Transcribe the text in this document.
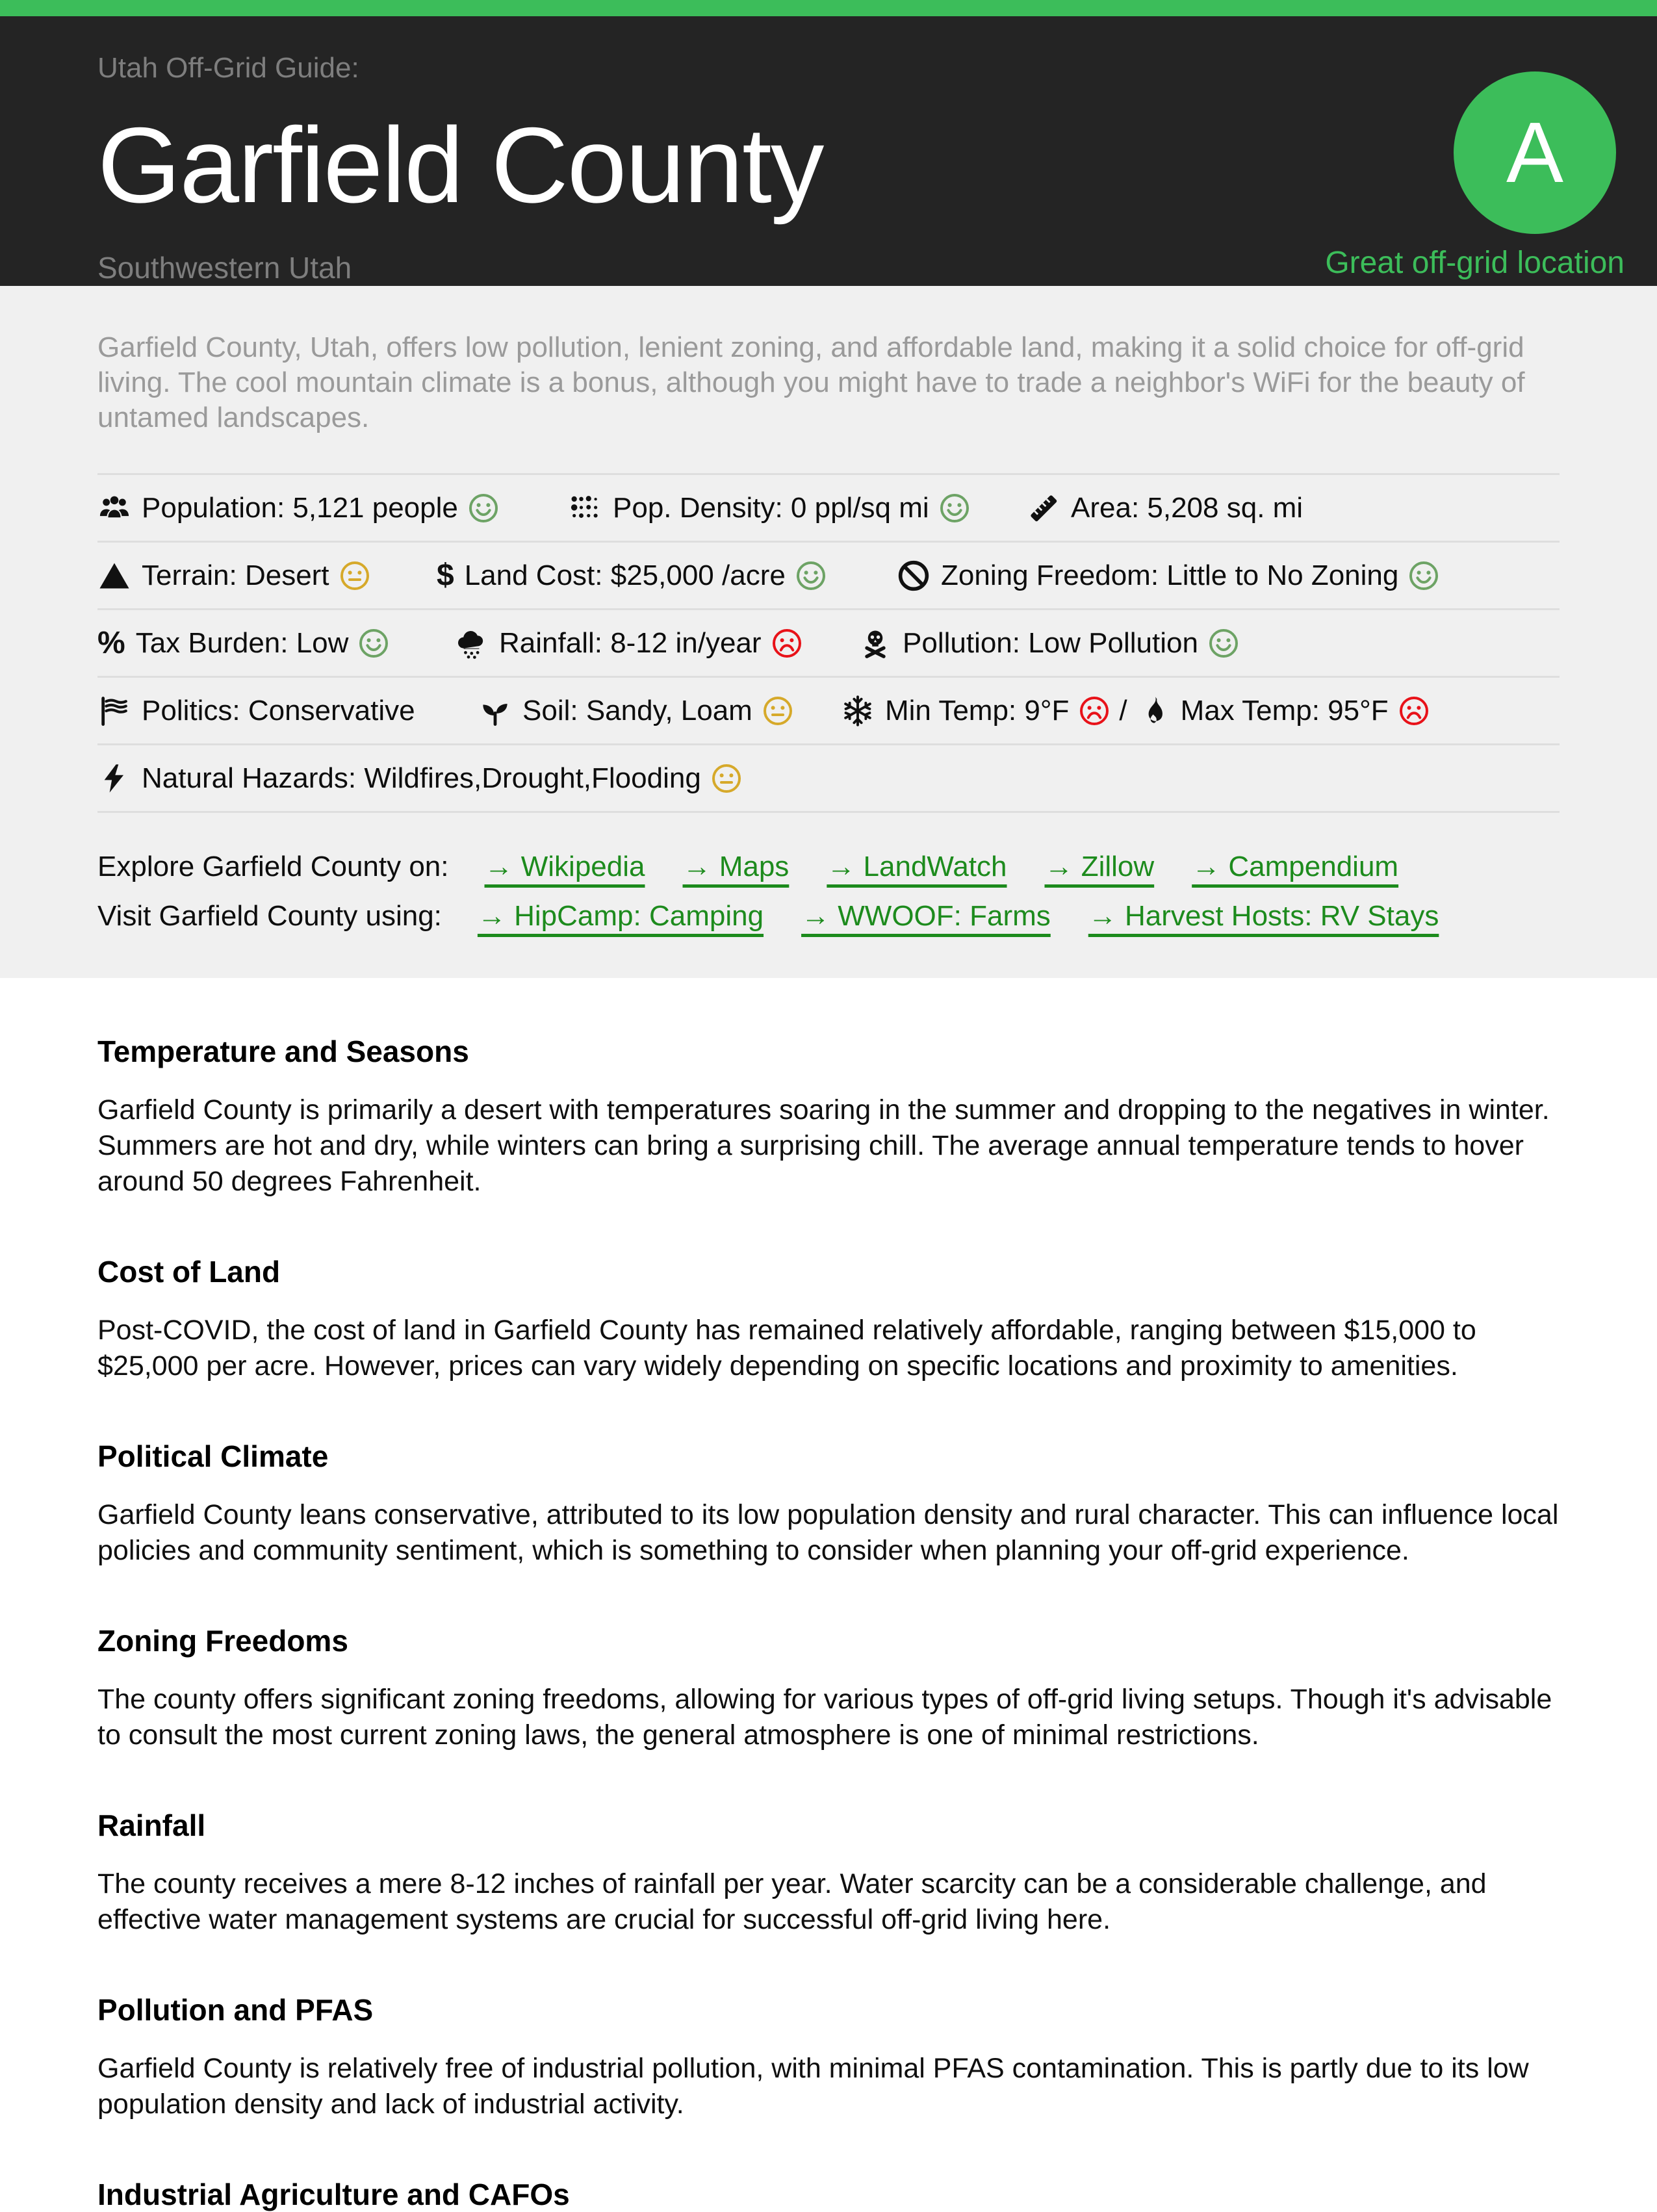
Utah Off-Grid Guide:
Garfield County
Southwestern Utah
A
Great off-grid location

Garfield County, Utah, offers low pollution, lenient zoning, and affordable land, making it a solid choice for off-grid living. The cool mountain climate is a bonus, although you might have to trade a neighbor's WiFi for the beauty of untamed landscapes.

Population: 5,121 people	Pop. Density: 0 ppl/sq mi	Area: 5,208 sq. mi
Terrain: Desert	$ Land Cost: $25,000 /acre	Zoning Freedom: Little to No Zoning
% Tax Burden: Low	Rainfall: 8-12 in/year	Pollution: Low Pollution
Politics: Conservative	Soil: Sandy, Loam	Min Temp: 9°F / Max Temp: 95°F
Natural Hazards: Wildfires,Drought,Flooding
Explore Garfield County on: → Wikipedia → Maps → LandWatch → Zillow → Campendium
Visit Garfield County using: → HipCamp: Camping → WWOOF: Farms → Harvest Hosts: RV Stays
Temperature and Seasons

Garfield County is primarily a desert with temperatures soaring in the summer and dropping to the negatives in winter. Summers are hot and dry, while winters can bring a surprising chill. The average annual temperature tends to hover around 50 degrees Fahrenheit.

Cost of Land

Post-COVID, the cost of land in Garfield County has remained relatively affordable, ranging between $15,000 to $25,000 per acre. However, prices can vary widely depending on specific locations and proximity to amenities.

Political Climate

Garfield County leans conservative, attributed to its low population density and rural character. This can influence local policies and community sentiment, which is something to consider when planning your off-grid experience.

Zoning Freedoms

The county offers significant zoning freedoms, allowing for various types of off-grid living setups. Though it's advisable to consult the most current zoning laws, the general atmosphere is one of minimal restrictions.

Rainfall

The county receives a mere 8-12 inches of rainfall per year. Water scarcity can be a considerable challenge, and effective water management systems are crucial for successful off-grid living here.

Pollution and PFAS

Garfield County is relatively free of industrial pollution, with minimal PFAS contamination. This is partly due to its low population density and lack of industrial activity.

Industrial Agriculture and CAFOs
